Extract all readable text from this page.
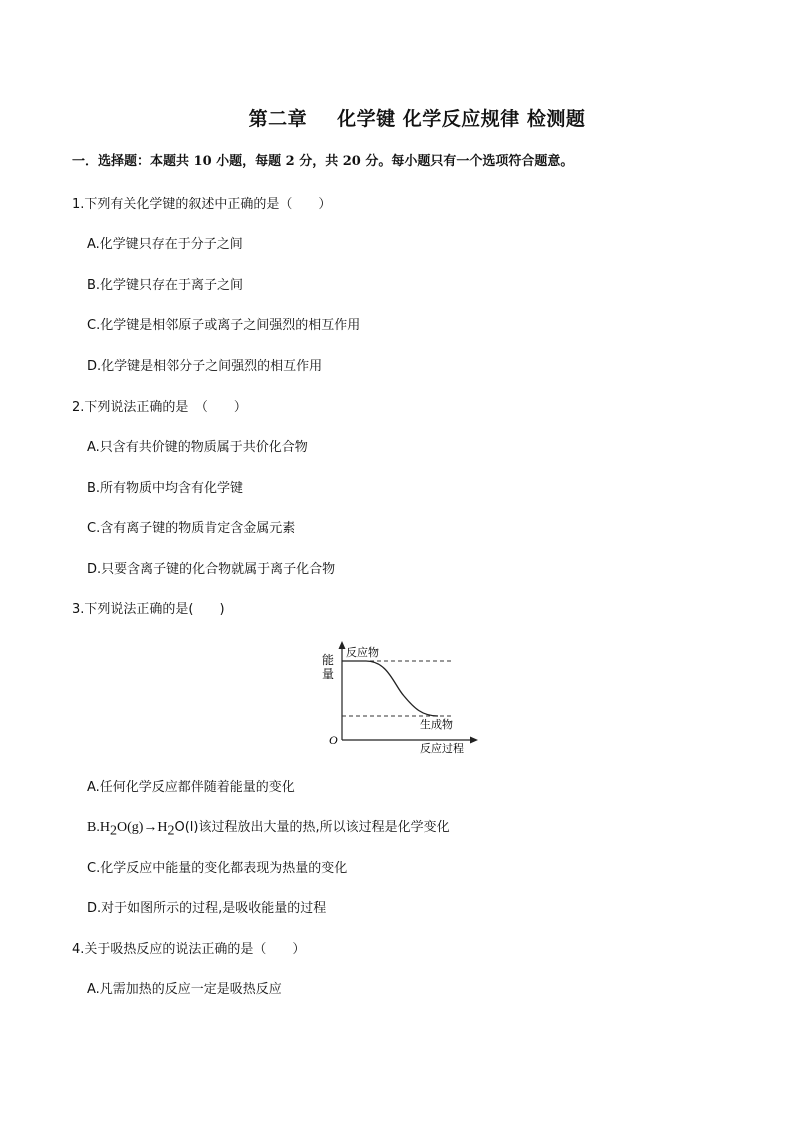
第二章 化学键 化学反应规律 检测题
一．选择题：本题共 10 小题，每题 2 分，共 20 分。每小题只有一个选项符合题意。
1.下列有关化学键的叙述中正确的是（　　）
A.化学键只存在于分子之间
B.化学键只存在于离子之间
C.化学键是相邻原子或离子之间强烈的相互作用
D.化学键是相邻分子之间强烈的相互作用
2.下列说法正确的是　（　　）
A.只含有共价键的物质属于共价化合物
B.所有物质中均含有化学键
C.含有离子键的物质肯定含金属元素
D.只要含离子键的化合物就属于离子化合物
3.下列说法正确的是(　　)
能
量
O
反应物
生成物
反应过程
A.任何化学反应都伴随着能量的变化
$B.H_2O(g)\to H_2O(l)$该过程放出大量的热,所以该过程是化学变化
C.化学反应中能量的变化都表现为热量的变化
D.对于如图所示的过程,是吸收能量的过程
4.关于吸热反应的说法正确的是（　　）
A.凡需加热的反应一定是吸热反应
